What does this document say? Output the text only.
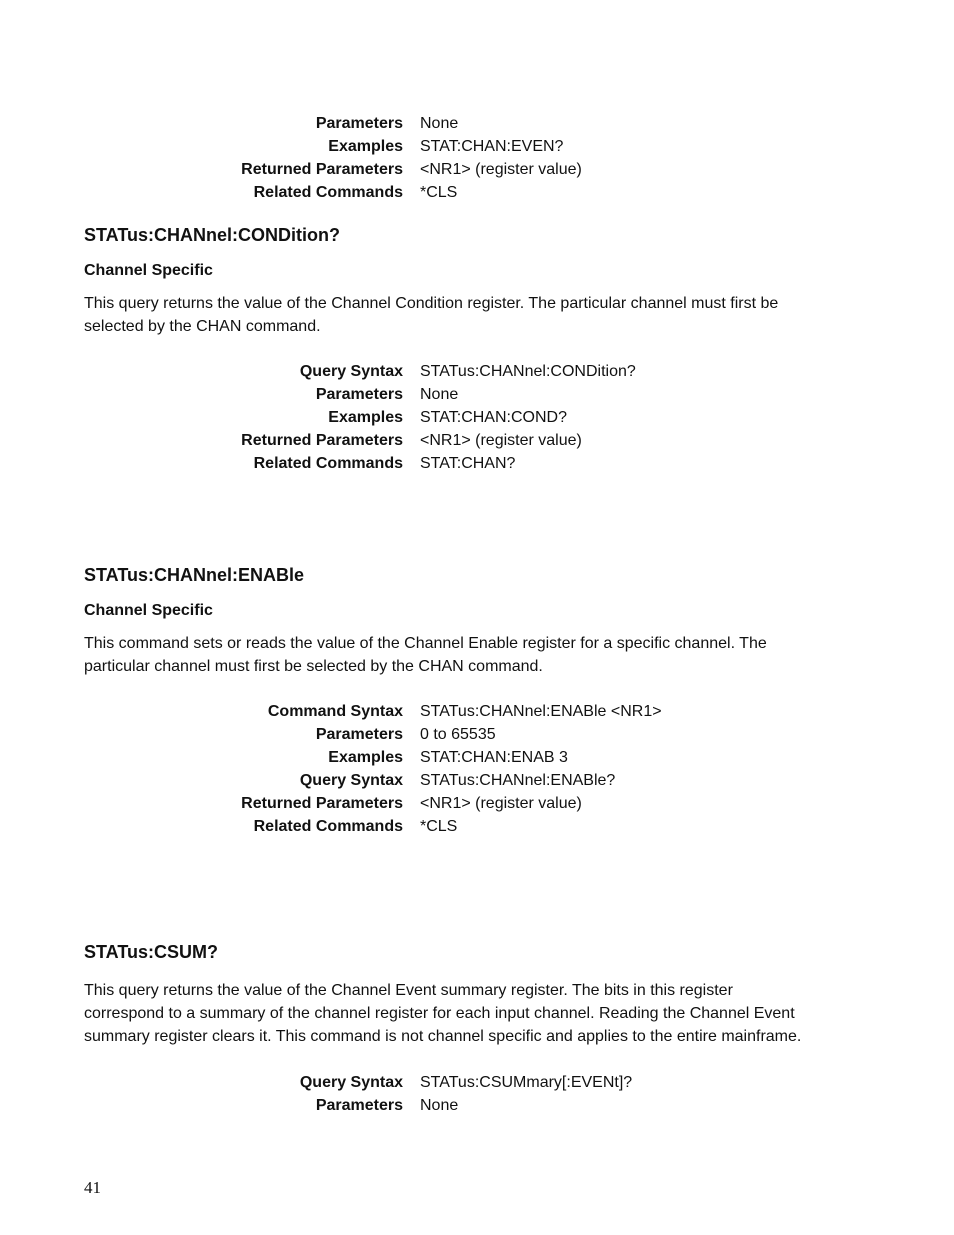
Parameters None
Examples STAT:CHAN:EVEN?
Returned Parameters <NR1> (register value)
Related Commands *CLS
STATus:CHANnel:CONDition?
Channel Specific
This query returns the value of the Channel Condition register. The particular channel must first be
selected by the CHAN command.
Query Syntax STATus:CHANnel:CONDition?
Parameters None
Examples STAT:CHAN:COND?
Returned Parameters <NR1> (register value)
Related Commands STAT:CHAN?
STATus:CHANnel:ENABle
Channel Specific
This command sets or reads the value of the Channel Enable register for a specific channel. The
particular channel must first be selected by the CHAN command.
Command Syntax STATus:CHANnel:ENABle <NR1>
Parameters 0 to 65535
Examples STAT:CHAN:ENAB 3
Query Syntax STATus:CHANnel:ENABle?
Returned Parameters <NR1> (register value)
Related Commands *CLS
STATus:CSUM?
This query returns the value of the Channel Event summary register. The bits in this register
correspond to a summary of the channel register for each input channel. Reading the Channel Event
summary register clears it. This command is not channel specific and applies to the entire mainframe.
Query Syntax STATus:CSUMmary[:EVENt]?
Parameters None
41
